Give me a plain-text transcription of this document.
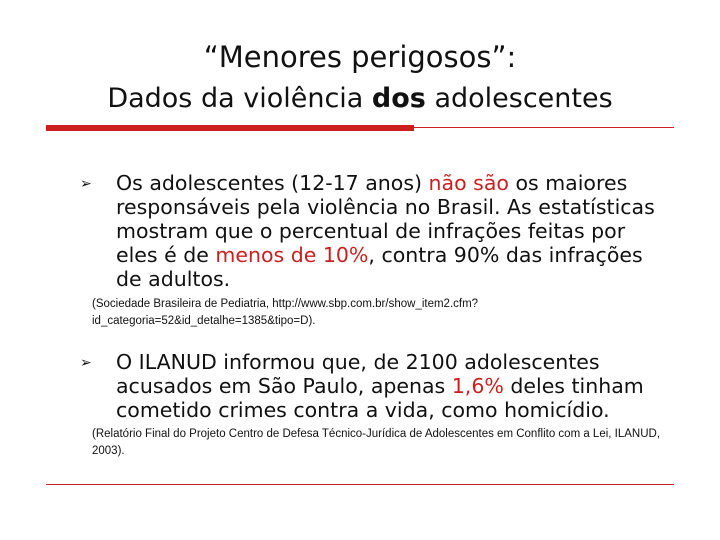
“Menores perigosos”:
Dados da violência dos adolescentes
➢ Os adolescentes (12-17 anos) não são os maiores responsáveis pela violência no Brasil. As estatísticas mostram que o percentual de infrações feitas por eles é de menos de 10%, contra 90% das infrações de adultos.
(Sociedade Brasileira de Pediatria, http://www.sbp.com.br/show_item2.cfm?id_categoria=52&id_detalhe=1385&tipo=D).
➢ O ILANUD informou que, de 2100 adolescentes acusados em São Paulo, apenas 1,6% deles tinham cometido crimes contra a vida, como homicídio.
(Relatório Final do Projeto Centro de Defesa Técnico-Jurídica de Adolescentes em Conflito com a Lei, ILANUD, 2003).
